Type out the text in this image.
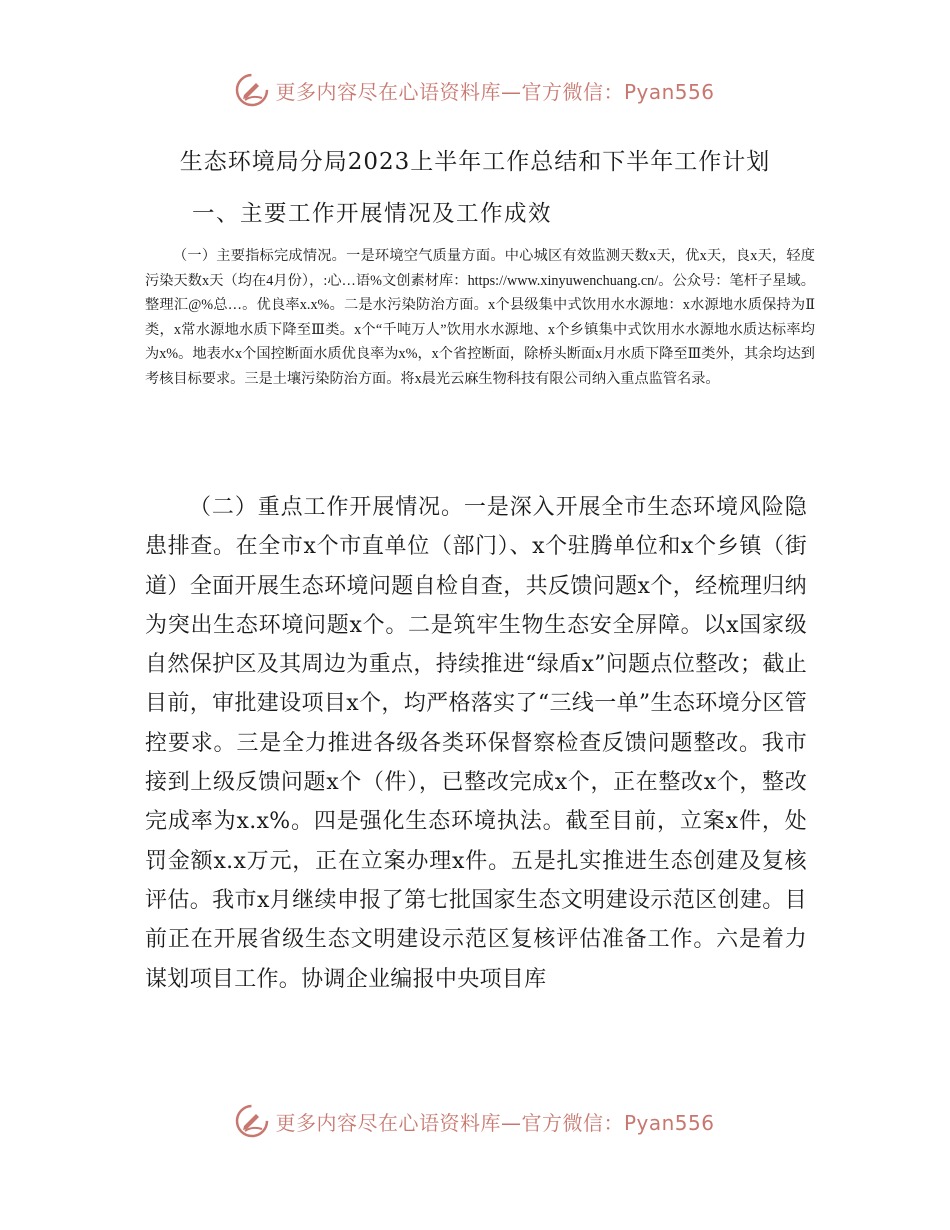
更多内容尽在心语资料库—官方微信：Pyan556
生态环境局分局2023上半年工作总结和下半年工作计划
一、主要工作开展情况及工作成效

（一）主要指标完成情况。一是环境空气质量方面。中心城区有效监测天数x天，优x天，良x天，轻度污染天数x天（均在4月份），:心…语%文创素材库：https://www.xinyuwenchuang.cn/。公众号：笔杆子星域。整理汇@%总…。优良率x.x%。二是水污染防治方面。x个县级集中式饮用水水源地：x水源地水质保持为Ⅱ类，x常水源地水质下降至Ⅲ类。x个“千吨万人”饮用水水源地、x个乡镇集中式饮用水水源地水质达标率均为x%。地表水x个国控断面水质优良率为x%，x个省控断面，除桥头断面x月水质下降至Ⅲ类外，其余均达到考核目标要求。三是土壤污染防治方面。将x晨光云麻生物科技有限公司纳入重点监管名录。

（二）重点工作开展情况。一是深入开展全市生态环境风险隐患排查。在全市x个市直单位（部门）、x个驻腾单位和x个乡镇（街道）全面开展生态环境问题自检自查，共反馈问题x个，经梳理归纳为突出生态环境问题x个。二是筑牢生物生态安全屏障。以x国家级自然保护区及其周边为重点，持续推进“绿盾x”问题点位整改；截止目前，审批建设项目x个，均严格落实了“三线一单”生态环境分区管控要求。三是全力推进各级各类环保督察检查反馈问题整改。我市接到上级反馈问题x个（件），已整改完成x个，正在整改x个，整改完成率为x.x%。四是强化生态环境执法。截至目前，立案x件，处罚金额x.x万元，正在立案办理x件。五是扎实推进生态创建及复核评估。我市x月继续申报了第七批国家生态文明建设示范区创建。目前正在开展省级生态文明建设示范区复核评估准备工作。六是着力谋划项目工作。协调企业编报中央项目库

更多内容尽在心语资料库—官方微信：Pyan556
